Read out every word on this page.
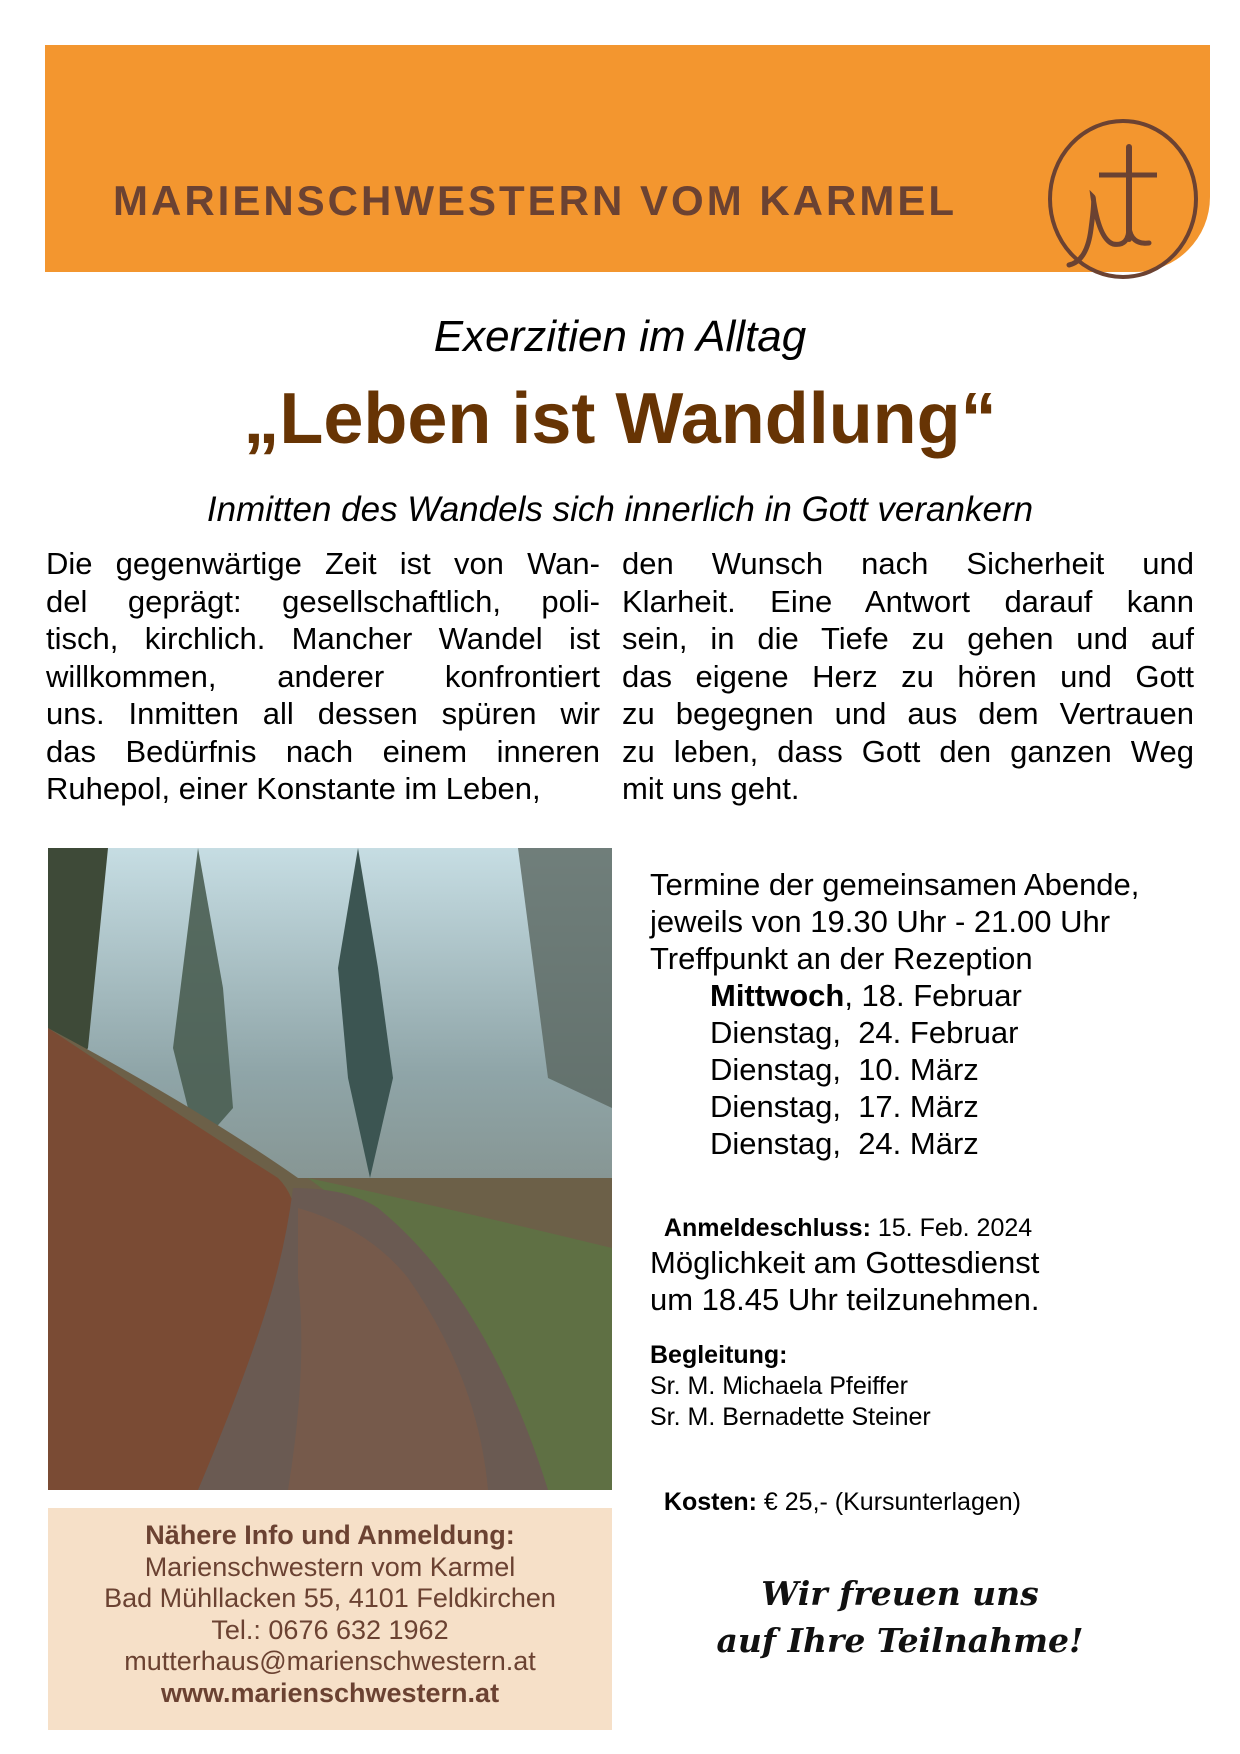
MARIENSCHWESTERN VOM KARMEL
Exerzitien im Alltag
„Leben ist Wandlung“
Inmitten des Wandels sich innerlich in Gott verankern
Die gegenwärtige Zeit ist von Wan-
del geprägt: gesellschaftlich, poli-
tisch, kirchlich. Mancher Wandel ist
willkommen, anderer konfrontiert
uns. Inmitten all dessen spüren wir
das Bedürfnis nach einem inneren
Ruhepol, einer Konstante im Leben,
den Wunsch nach Sicherheit und
Klarheit. Eine Antwort darauf kann
sein, in die Tiefe zu gehen und auf
das eigene Herz zu hören und Gott
zu begegnen und aus dem Vertrauen
zu leben, dass Gott den ganzen Weg
mit uns geht.
Nähere Info und Anmeldung:
Marienschwestern vom Karmel
Bad Mühllacken 55, 4101 Feldkirchen
Tel.: 0676 632 1962
mutterhaus@marienschwestern.at
www.marienschwestern.at
Termine der gemeinsamen Abende,
jeweils von 19.30 Uhr - 21.00 Uhr
Treffpunkt an der Rezeption
Mittwoch, 18. Februar
Dienstag,  24. Februar
Dienstag,  10. März
Dienstag,  17. März
Dienstag,  24. März

Anmeldeschluss: 15. Feb. 2024

Möglichkeit am Gottesdienst
um 18.45 Uhr teilzunehmen.
Begleitung:
Sr. M. Michaela Pfeiffer
Sr. M. Bernadette Steiner

Kosten: € 25,- (Kursunterlagen)

Wir freuen uns
auf Ihre Teilnahme!
